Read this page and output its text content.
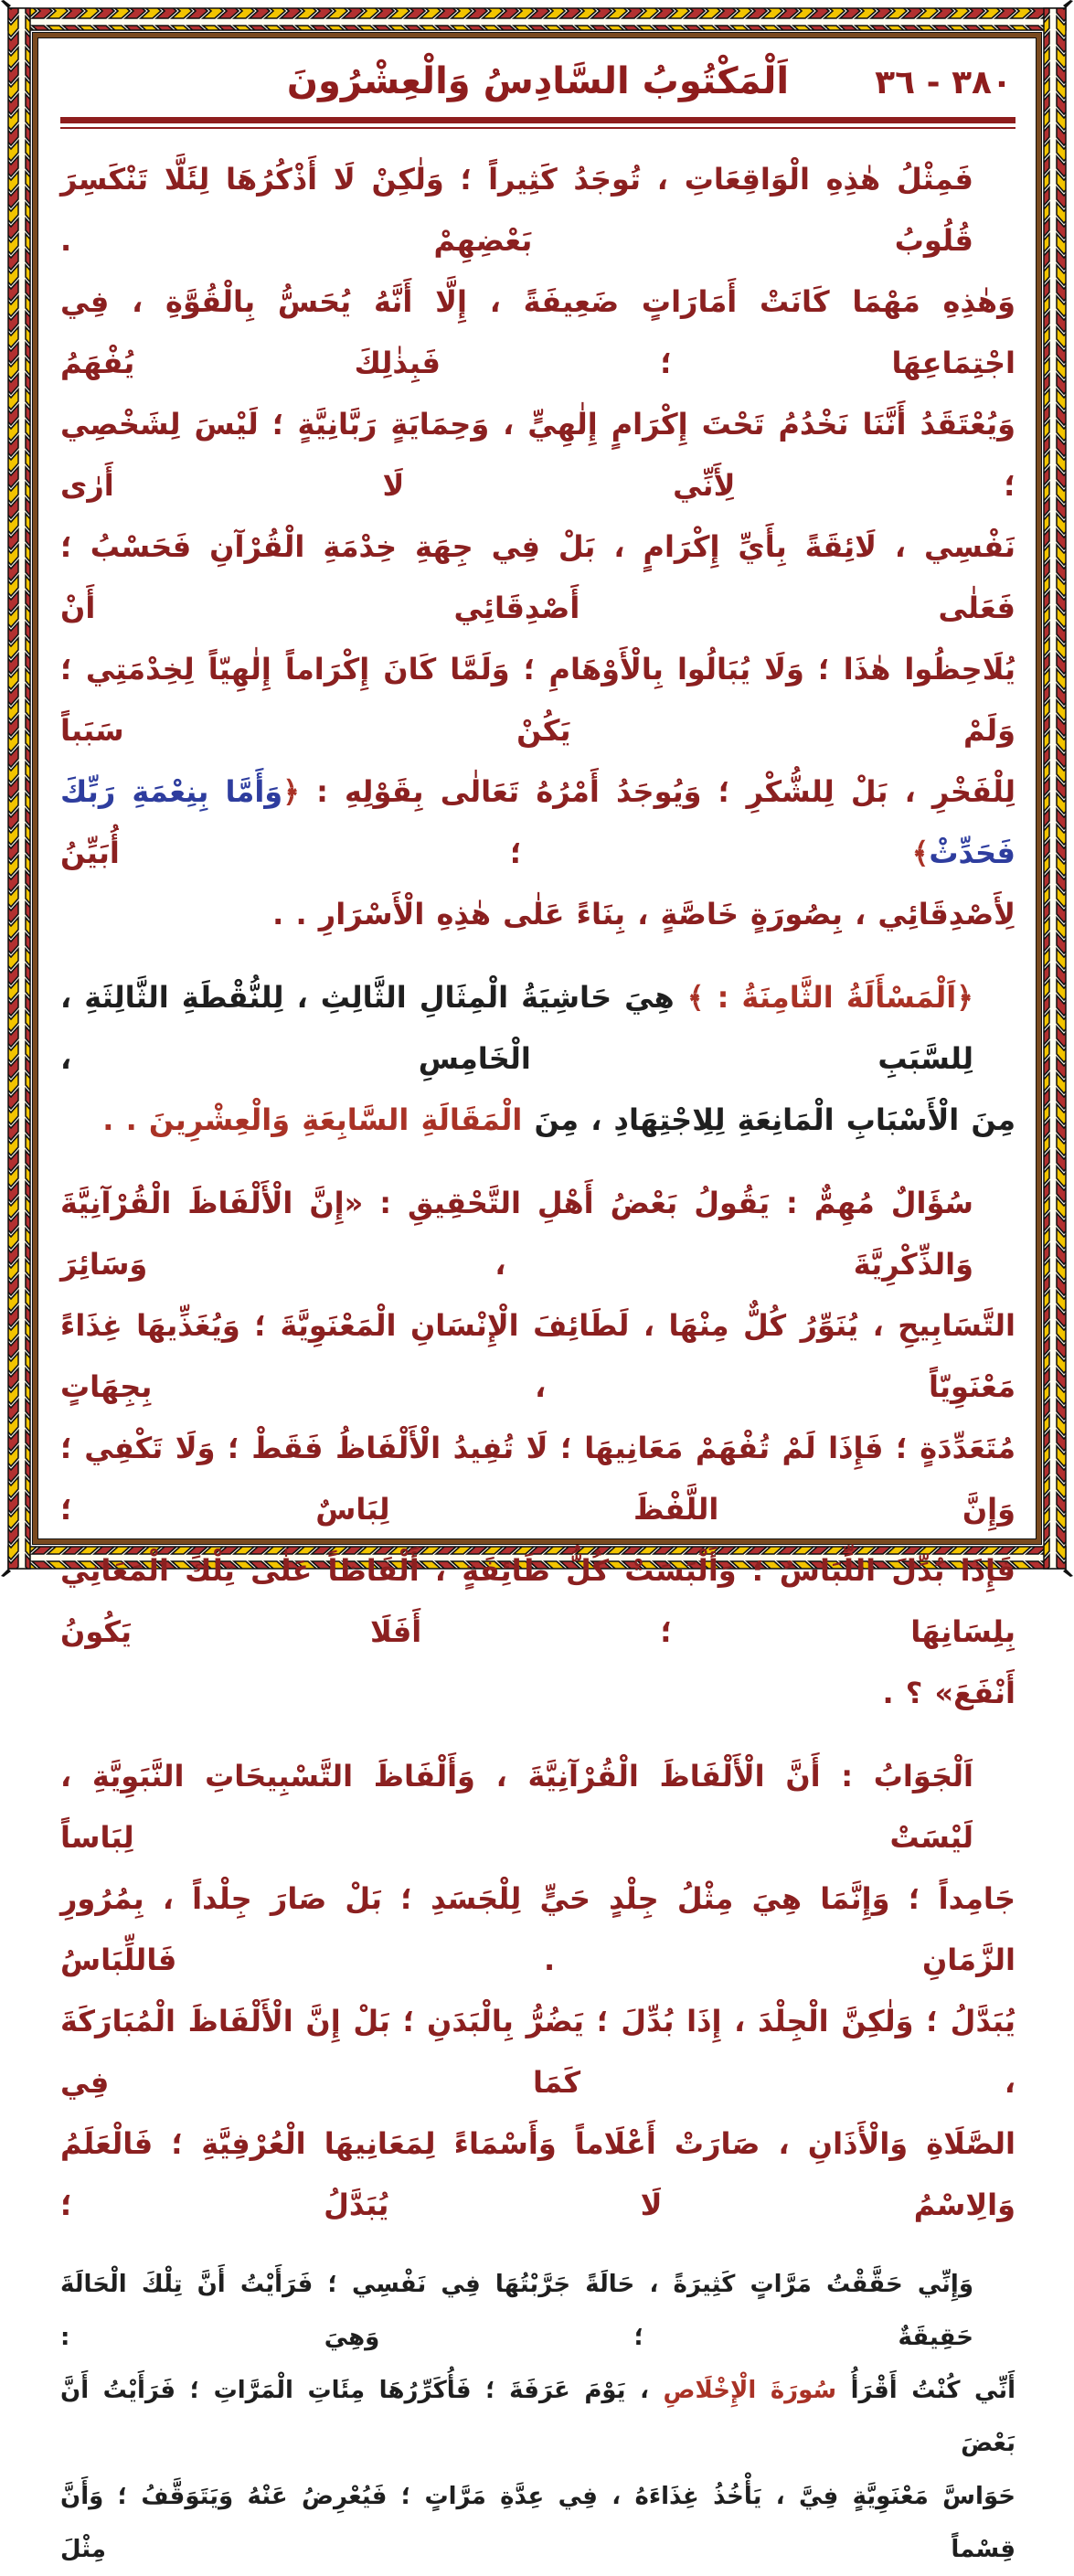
اَلْمَكْتُوبُ السَّادِسُ وَالْعِشْرُونَ	٣٨٠ - ٣٦
فَمِثْلُ هٰذِهِ الْوَاقِعَاتِ ، تُوجَدُ كَثِيراً ؛ وَلٰكِنْ لَا أَذْكُرُهَا لِئَلَّا تَنْكَسِرَ قُلُوبُ بَعْضِهِمْ .
وَهٰذِهِ مَهْمَا كَانَتْ أَمَارَاتٍ ضَعِيفَةً ، إِلَّا أَنَّهُ يُحَسُّ بِالْقُوَّةِ ، فِي اجْتِمَاعِهَا ؛ فَبِذٰلِكَ يُفْهَمُ
وَيُعْتَقَدُ أَنَّنَا نَخْدُمُ تَحْتَ إِكْرَامٍ إِلٰهِيٍّ ، وَحِمَايَةٍ رَبَّانِيَّةٍ ؛ لَيْسَ لِشَخْصِي ؛ لِأَنِّي لَا أَرٰى
نَفْسِي ، لَائِقَةً بِأَيِّ إِكْرَامٍ ، بَلْ فِي جِهَةِ خِدْمَةِ الْقُرْآنِ فَحَسْبُ ؛ فَعَلٰى أَصْدِقَائِي أَنْ
يُلَاحِظُوا هٰذَا ؛ وَلَا يُبَالُوا بِالْأَوْهَامِ ؛ وَلَمَّا كَانَ إِكْرَاماً إِلٰهِيّاً لِخِدْمَتِي ؛ وَلَمْ يَكُنْ سَبَباً
لِلْفَخْرِ ، بَلْ لِلشُّكْرِ ؛ وَيُوجَدُ أَمْرُهُ تَعَالٰى بِقَوْلِهِ : ﴿وَأَمَّا بِنِعْمَةِ رَبِّكَ فَحَدِّثْ﴾ ؛ أُبَيِّنُ
لِأَصْدِقَائِي ، بِصُورَةٍ خَاصَّةٍ ، بِنَاءً عَلٰى هٰذِهِ الْأَسْرَارِ . .
﴿اَلْمَسْأَلَةُ الثَّامِنَةُ : ﴾ هِيَ حَاشِيَةُ الْمِثَالِ الثَّالِثِ ، لِلنُّقْطَةِ الثَّالِثَةِ ، لِلسَّبَبِ الْخَامِسِ ،
مِنَ الْأَسْبَابِ الْمَانِعَةِ لِلِاجْتِهَادِ ، مِنَ الْمَقَالَةِ السَّابِعَةِ وَالْعِشْرِينَ . .
سُؤَالٌ مُهِمٌّ : يَقُولُ بَعْضُ أَهْلِ التَّحْقِيقِ : «إِنَّ الْأَلْفَاظَ الْقُرْآنِيَّةَ وَالذِّكْرِيَّةَ ، وَسَائِرَ
التَّسَابِيحِ ، يُنَوِّرُ كُلٌّ مِنْهَا ، لَطَائِفَ الْإِنْسَانِ الْمَعْنَوِيَّةَ ؛ وَيُغَذِّيهَا غِذَاءً مَعْنَوِيّاً ، بِجِهَاتٍ
مُتَعَدِّدَةٍ ؛ فَإِذَا لَمْ تُفْهَمْ مَعَانِيهَا ؛ لَا تُفِيدُ الْأَلْفَاظُ فَقَطْ ؛ وَلَا تَكْفِي ؛ وَإِنَّ اللَّفْظَ لِبَاسٌ ؛
فَإِذَا بُدِّلَ اللِّبَاسُ ؛ وَأَلْبَسَتْ كُلُّ طَائِفَةٍ ، أَلْفَاظاً عَلٰى تِلْكَ الْمَعَانِي بِلِسَانِهَا ؛ أَفَلَا يَكُونُ
أَنْفَعَ» ؟ .
اَلْجَوَابُ : أَنَّ الْأَلْفَاظَ الْقُرْآنِيَّةَ ، وَأَلْفَاظَ التَّسْبِيحَاتِ النَّبَوِيَّةِ ، لَيْسَتْ لِبَاساً
جَامِداً ؛ وَإِنَّمَا هِيَ مِثْلُ جِلْدٍ حَيٍّ لِلْجَسَدِ ؛ بَلْ صَارَ جِلْداً ، بِمُرُورِ الزَّمَانِ . فَاللِّبَاسُ
يُبَدَّلُ ؛ وَلٰكِنَّ الْجِلْدَ ، إِذَا بُدِّلَ ؛ يَضُرُّ بِالْبَدَنِ ؛ بَلْ إِنَّ الْأَلْفَاظَ الْمُبَارَكَةَ ، كَمَا فِي
الصَّلَاةِ وَالْأَذَانِ ، صَارَتْ أَعْلَاماً وَأَسْمَاءً لِمَعَانِيهَا الْعُرْفِيَّةِ ؛ فَالْعَلَمُ وَالِاسْمُ لَا يُبَدَّلُ ؛
وَإِنِّي حَقَّقْتُ مَرَّاتٍ كَثِيرَةً ، حَالَةً جَرَّبْتُهَا فِي نَفْسِي ؛ فَرَأَيْتُ أَنَّ تِلْكَ الْحَالَةَ حَقِيقَةٌ ؛ وَهِيَ :
أَنِّي كُنْتُ أَقْرَأُ سُورَةَ الْإِخْلَاصِ ، يَوْمَ عَرَفَةَ ؛ فَأُكَرِّرُهَا مِئَاتِ الْمَرَّاتِ ؛ فَرَأَيْتُ أَنَّ بَعْضَ
حَوَاسَّ مَعْنَوِيَّةٍ فِيَّ ، يَأْخُذُ غِذَاءَهُ ، فِي عِدَّةِ مَرَّاتٍ ؛ فَيُعْرِضُ عَنْهُ وَيَتَوَقَّفُ ؛ وَأَنَّ قِسْماً مِثْلَ
